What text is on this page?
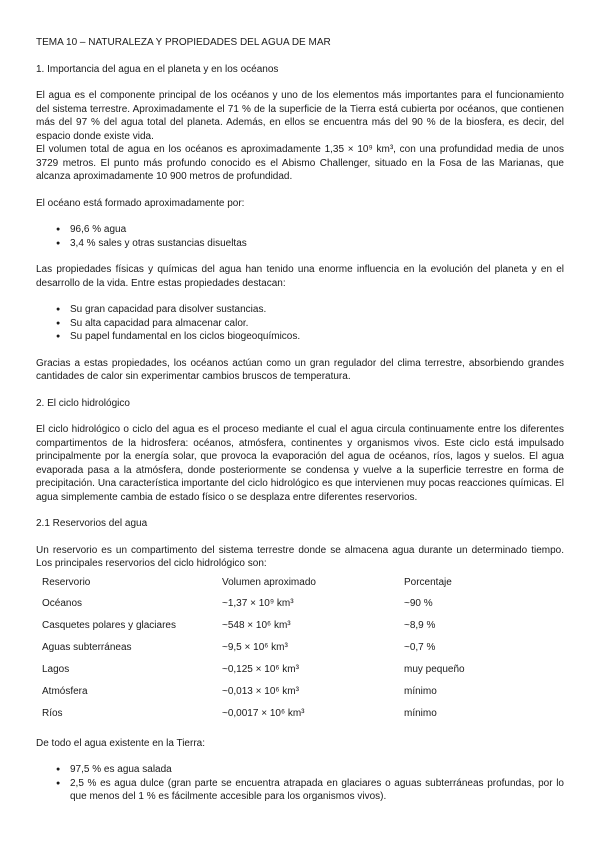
TEMA 10 – NATURALEZA Y PROPIEDADES DEL AGUA DE MAR
1. Importancia del agua en el planeta y en los océanos

El agua es el componente principal de los océanos y uno de los elementos más importantes para el funcionamiento del sistema terrestre. Aproximadamente el 71 % de la superficie de la Tierra está cubierta por océanos, que contienen más del 97 % del agua total del planeta. Además, en ellos se encuentra más del 90 % de la biosfera, es decir, del espacio donde existe vida.

El volumen total de agua en los océanos es aproximadamente 1,35 × 10⁹ km³, con una profundidad media de unos 3729 metros. El punto más profundo conocido es el Abismo Challenger, situado en la Fosa de las Marianas, que alcanza aproximadamente 10 900 metros de profundidad.

El océano está formado aproximadamente por:

● 96,6 % agua
● 3,4 % sales y otras sustancias disueltas

Las propiedades físicas y químicas del agua han tenido una enorme influencia en la evolución del planeta y en el desarrollo de la vida. Entre estas propiedades destacan:

● Su gran capacidad para disolver sustancias.
● Su alta capacidad para almacenar calor.
● Su papel fundamental en los ciclos biogeoquímicos.

Gracias a estas propiedades, los océanos actúan como un gran regulador del clima terrestre, absorbiendo grandes cantidades de calor sin experimentar cambios bruscos de temperatura.

2. El ciclo hidrológico

El ciclo hidrológico o ciclo del agua es el proceso mediante el cual el agua circula continuamente entre los diferentes compartimentos de la hidrosfera: océanos, atmósfera, continentes y organismos vivos. Este ciclo está impulsado principalmente por la energía solar, que provoca la evaporación del agua de océanos, ríos, lagos y suelos. El agua evaporada pasa a la atmósfera, donde posteriormente se condensa y vuelve a la superficie terrestre en forma de precipitación. Una característica importante del ciclo hidrológico es que intervienen muy pocas reacciones químicas. El agua simplemente cambia de estado físico o se desplaza entre diferentes reservorios.

2.1 Reservorios del agua

Un reservorio es un compartimento del sistema terrestre donde se almacena agua durante un determinado tiempo. Los principales reservorios del ciclo hidrológico son:

Reservorio	Volumen aproximado	Porcentaje
Océanos	~1,37 × 10⁹ km³	~90 %
Casquetes polares y glaciares	~548 × 10⁶ km³	~8,9 %
Aguas subterráneas	~9,5 × 10⁶ km³	~0,7 %
Lagos	~0,125 × 10⁶ km³	muy pequeño
Atmósfera	~0,013 × 10⁶ km³	mínimo
Ríos	~0,0017 × 10⁶ km³	mínimo

De todo el agua existente en la Tierra:

● 97,5 % es agua salada
● 2,5 % es agua dulce (gran parte se encuentra atrapada en glaciares o aguas subterráneas profundas, por lo que menos del 1 % es fácilmente accesible para los organismos vivos).
